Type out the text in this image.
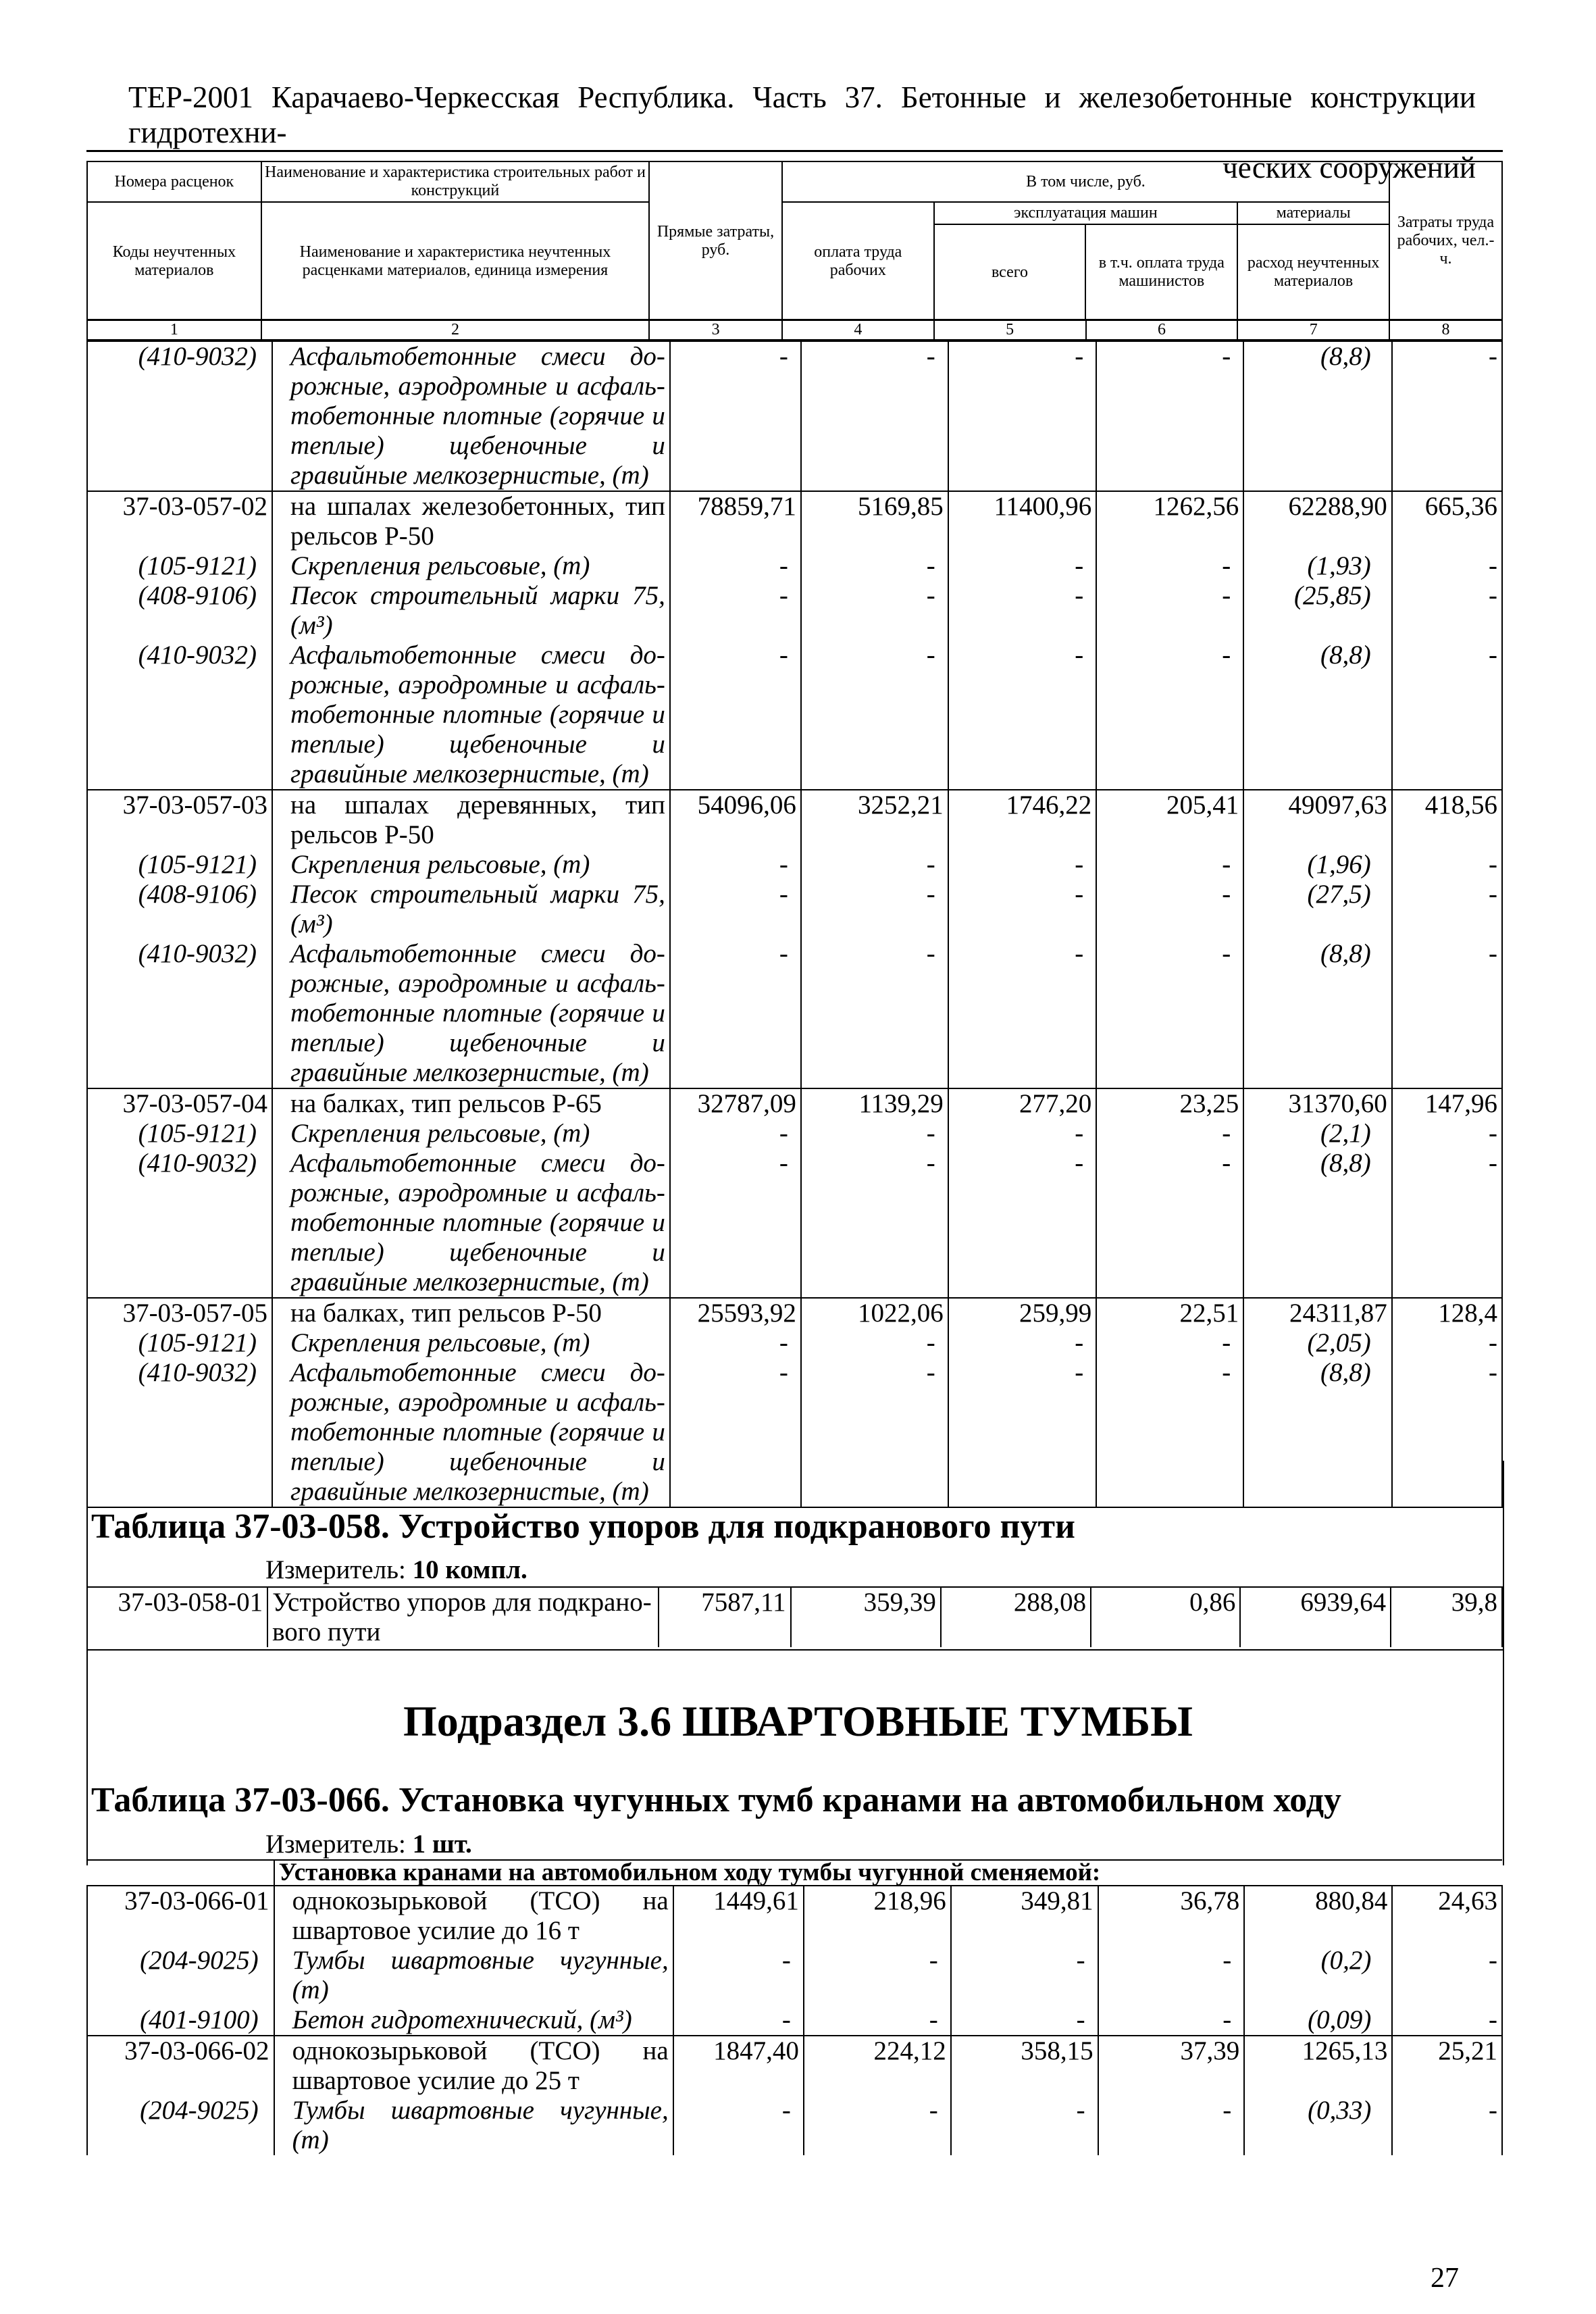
ТЕР-2001 Карачаево-Черкесская Республика. Часть 37. Бетонные и железобетонные конструкции гидротехни-
ческих сооружений
Номера расценок	Наименование и характеристика строительных работ и конструкций	Прямые затраты, руб.	В том числе, руб.				Затраты труда рабочих, чел.-ч.
Коды неучтенных материалов	Наименование и характеристика неучтенных расценками материалов, единица измерения		оплата труда рабочих	эксплуатация машин		материалы	
				всего	в т.ч. оплата труда машинистов	расход неучтенных материалов	
1	2	3	4	5	6	7	8
(410-9032)	Асфальтобетонные смеси до- рожные, аэродромные и асфаль- тобетонные плотные (горячие и теплые) щебеночные и гравийные мелкозернистые, (т)	-	-	-	-	(8,8)	-
37-03-057-02	на шпалах железобетонных, тип рельсов Р-50	78859,71	5169,85	11400,96	1262,56	62288,90	665,36
(105-9121)	Скрепления рельсовые, (т)	-	-	-	-	(1,93)	-
(408-9106)	Песок строительный марки 75, (м³)	-	-	-	-	(25,85)	-
(410-9032)	Асфальтобетонные смеси до- рожные, аэродромные и асфаль- тобетонные плотные (горячие и теплые) щебеночные и гравийные мелкозернистые, (т)	-	-	-	-	(8,8)	-
37-03-057-03	на шпалах деревянных, тип рельсов Р-50	54096,06	3252,21	1746,22	205,41	49097,63	418,56
(105-9121)	Скрепления рельсовые, (т)	-	-	-	-	(1,96)	-
(408-9106)	Песок строительный марки 75, (м³)	-	-	-	-	(27,5)	-
(410-9032)	Асфальтобетонные смеси до- рожные, аэродромные и асфаль- тобетонные плотные (горячие и теплые) щебеночные и гравийные мелкозернистые, (т)	-	-	-	-	(8,8)	-
37-03-057-04	на балках, тип рельсов Р-65	32787,09	1139,29	277,20	23,25	31370,60	147,96
(105-9121)	Скрепления рельсовые, (т)	-	-	-	-	(2,1)	-
(410-9032)	Асфальтобетонные смеси до- рожные, аэродромные и асфаль- тобетонные плотные (горячие и теплые) щебеночные и гравийные мелкозернистые, (т)	-	-	-	-	(8,8)	-
37-03-057-05	на балках, тип рельсов Р-50	25593,92	1022,06	259,99	22,51	24311,87	128,4
(105-9121)	Скрепления рельсовые, (т)	-	-	-	-	(2,05)	-
(410-9032)	Асфальтобетонные смеси до- рожные, аэродромные и асфаль- тобетонные плотные (горячие и теплые) щебеночные и гравийные мелкозернистые, (т)	-	-	-	-	(8,8)	-
Таблица 37-03-058. Устройство упоров для подкранового пути
Измеритель: 10 компл.
37-03-058-01	Устройство упоров для подкрано-вого пути	7587,11	359,39	288,08	0,86	6939,64	39,8
Подраздел 3.6 ШВАРТОВНЫЕ ТУМБЫ
Таблица 37-03-066. Установка чугунных тумб кранами на автомобильном ходу
Измеритель: 1 шт.
	Установка кранами на автомобильном ходу тумбы чугунной сменяемой:						
37-03-066-01	однокозырьковой (ТСО) на швартовое усилие до 16 т	1449,61	218,96	349,81	36,78	880,84	24,63
(204-9025)	Тумбы швартовные чугунные, (т)	-	-	-	-	(0,2)	-
(401-9100)	Бетон гидротехнический, (м³)	-	-	-	-	(0,09)	-
37-03-066-02	однокозырьковой (ТСО) на швартовое усилие до 25 т	1847,40	224,12	358,15	37,39	1265,13	25,21
(204-9025)	Тумбы швартовные чугунные, (т)	-	-	-	-	(0,33)	-
27
